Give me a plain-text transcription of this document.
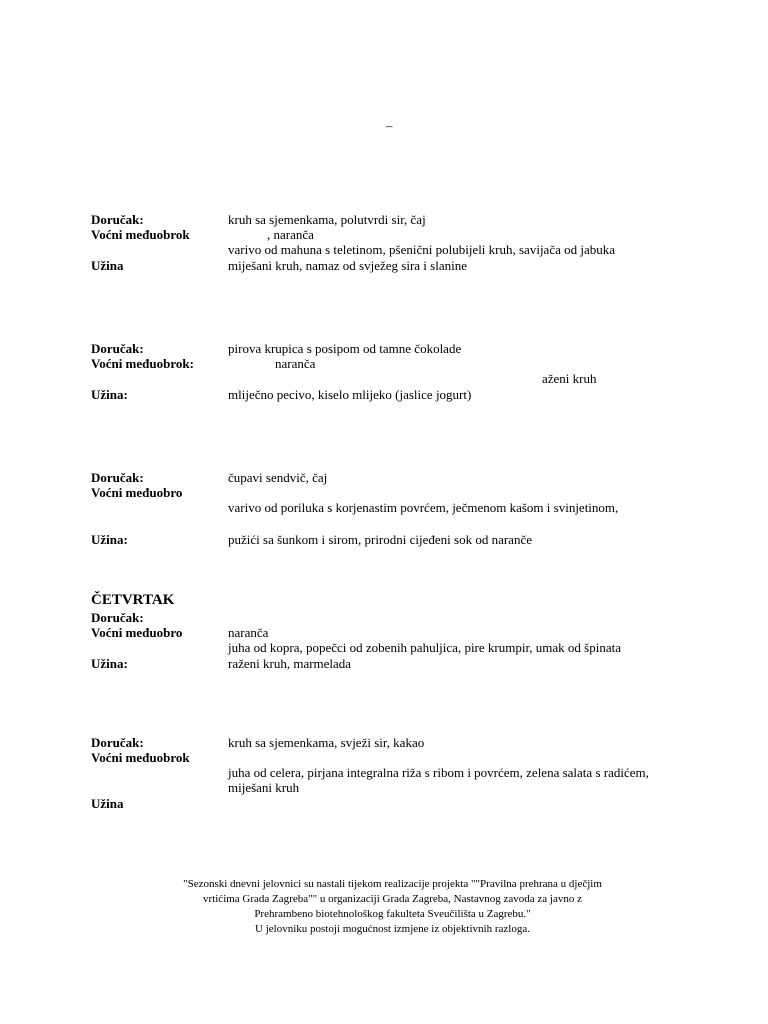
–
Doručak:	kruh sa sjemenkama, polutvrdi sir, čaj
Voćni međuobrok	, naranča
varivo od mahuna s teletinom, pšenični polubijeli kruh, savijača od jabuka
Užina	miješani kruh, namaz od svježeg sira i slanine
Doručak:	pirova krupica s posipom od tamne čokolade
Voćni međuobrok:	naranča
aženi kruh
Užina:	mliječno pecivo, kiselo mlijeko (jaslice jogurt)
Doručak:	čupavi sendvič, čaj
Voćni međuobro
varivo od poriluka s korjenastim povrćem, ječmenom kašom i svinjetinom,
Užina:	pužići sa šunkom i sirom, prirodni cijeđeni sok od naranče
ČETVRTAK
Doručak:
Voćni međuobro	naranča
juha od kopra, popečci od zobenih pahuljica, pire krumpir, umak od špinata
Užina:	raženi kruh, marmelada
Doručak:	kruh sa sjemenkama, svježi sir, kakao
Voćni međuobrok
juha od celera, pirjana integralna riža s ribom i povrćem, zelena salata s radićem,
miješani kruh
Užina
"Sezonski dnevni jelovnici su nastali tijekom realizacije projekta ""Pravilna prehrana u dječjim
vrtićima Grada Zagreba"" u organizaciji Grada Zagreba, Nastavnog zavoda za javno z
Prehrambeno biotehnološkog fakulteta Sveučilišta u Zagrebu."
U jelovniku postoji mogućnost izmjene iz objektivnih razloga.
